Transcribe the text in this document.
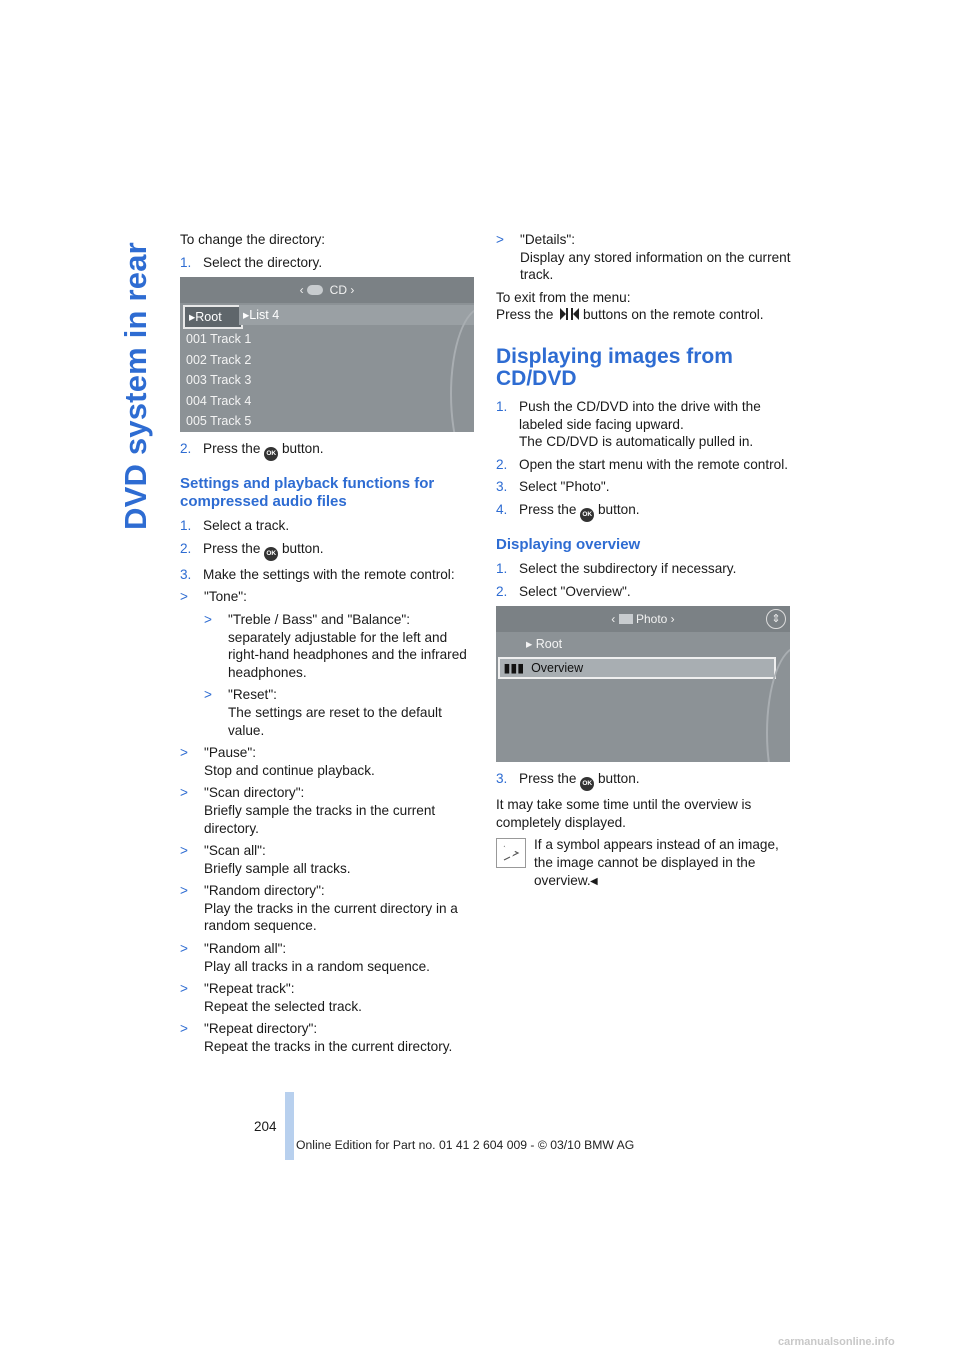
DVD system in rear

To change the directory:

1. Select the directory.
‹   CD ›
▸Root	▸List 4
001 Track 1
002 Track 2
003 Track 3
004 Track 4
005 Track 5
2. Press the OK button.
Settings and playback functions for compressed audio files
1. Select a track.
2. Press the OK button.
3. Make the settings with the remote control:
>	"Tone":
>	"Treble / Bass" and "Balance": separately adjustable for the left and right-hand headphones and the infrared headphones.
>	"Reset":
The settings are reset to the default value.
>	"Pause":
Stop and continue playback.
>	"Scan directory":
Briefly sample the tracks in the current directory.
>	"Scan all":
Briefly sample all tracks.
>	"Random directory":
Play the tracks in the current directory in a random sequence.
>	"Random all":
Play all tracks in a random sequence.
>	"Repeat track":
Repeat the selected track.
>	"Repeat directory":
Repeat the tracks in the current directory.
>	"Details":
Display any stored information on the current track.

To exit from the menu:

Press the buttons on the remote control.

Displaying images from CD/DVD
1. Push the CD/DVD into the drive with the labeled side facing upward.
The CD/DVD is automatically pulled in.
2. Open the start menu with the remote control.
3. Select "Photo".
4. Press the OK button.
Displaying overview
1. Select the subdirectory if necessary.
2. Select "Overview".
‹  Photo ›	⇕
▸ Root
▮▮▮  Overview
3. Press the OK button.

It may take some time until the overview is completely displayed.

If a symbol appears instead of an image, the image cannot be displayed in the overview.◂
204
Online Edition for Part no. 01 41 2 604 009 - © 03/10 BMW AG
carmanualsonline.info
